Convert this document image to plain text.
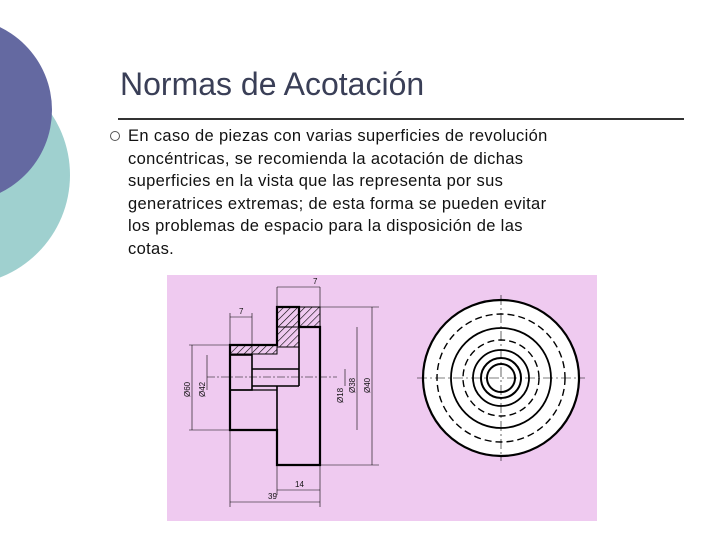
Normas de Acotación
En caso de piezas con varias superficies de revolución
concéntricas, se recomienda la acotación de dichas
superficies en la vista que las representa por sus
generatrices extremas; de esta forma se pueden evitar
los problemas de espacio para la disposición de las
cotas.
7
7
Ø60 Ø42	Ø18
Ø38 Ø40
14
39
